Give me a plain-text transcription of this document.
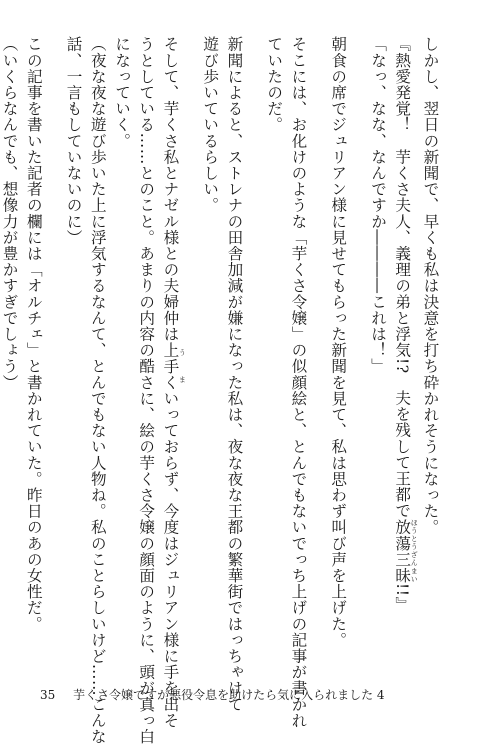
しかし、翌日の新聞で、早くも私は決意を打ち砕かれそうになった。
『熱愛発覚！　芋くさ夫人、義理の弟と浮気!?　夫を残して王都で放蕩三昧 ほうとうざんまい!!』
「なっ、なな、なんですか――――これは！」
朝食の席でジュリアン様に見せてもらった新聞を見て、私は思わず叫び声を上げた。
そこには、お化けのような「芋くさ令嬢」の似顔絵と、とんでもないでっち上げの記事が書かれ
ていたのだ。
新聞によると、ストレナの田舎加減が嫌になった私は、夜な夜な王都の繁華街ではっちゃけて
遊び歩いているらしい。
そして、芋くさ私とナゼル様との夫婦仲は上手く うまいっておらず、今度はジュリアン様に手を出そ
うとしている……とのこと。あまりの内容の酷さに、絵の芋くさ令嬢の顔面のように、頭が真っ白
になっていく。
（夜な夜な遊び歩いた上に浮気するなんて、とんでもない人物ね。私のことらしいけど……こんな
話、一言もしていないのに）
この記事を書いた記者の欄には「オルチェ」と書かれていた。昨日のあの女性だ。
（いくらなんでも、想像力が豊かすぎでしょう）
35 芋くさ令嬢ですが悪役令息を助けたら気に入られました 4
